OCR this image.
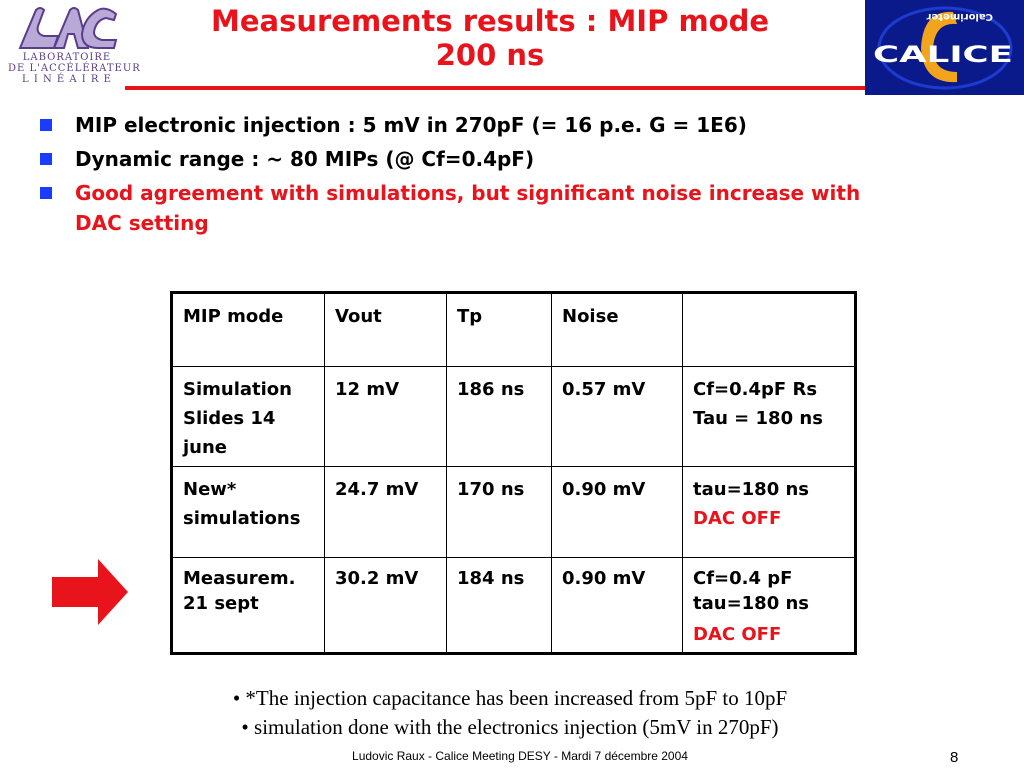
LABORATOIRE
DE L'ACCÉLÉRATEUR
L I N É A I R E
Measurements results : MIP mode
200 ns
Calorimeter
CALICE
MIP electronic injection : 5 mV in 270pF (= 16 p.e. G = 1E6)
Dynamic range : ~ 80 MIPs (@ Cf=0.4pF)
Good agreement with simulations, but significant noise increase with
DAC setting
MIP mode	Vout	Tp	Noise	

Simulation
Slides 14
june	12 mV	186 ns	0.57 mV	Cf=0.4pF Rs
Tau = 180 ns

New*
simulations	24.7 mV	170 ns	0.90 mV	tau=180 ns
DAC OFF

Measurem.
21 sept	30.2 mV	184 ns	0.90 mV	Cf=0.4 pF
tau=180 ns
DAC OFF
• *The injection capacitance has been increased from 5pF to 10pF
• simulation done with the electronics injection (5mV in 270pF)
Ludovic Raux - Calice Meeting DESY - Mardi 7 décembre 2004	8
